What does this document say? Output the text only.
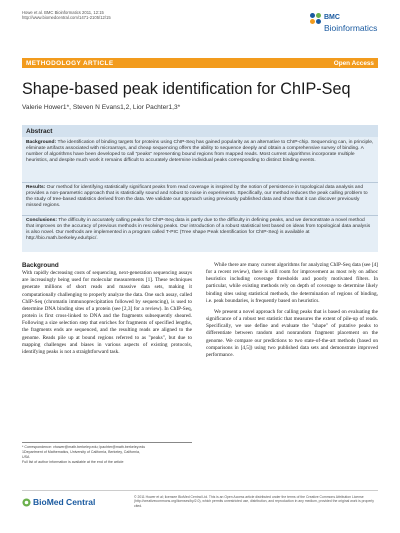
Howe et al. BMC Bioinformatics 2011, 12:15
http://www.biomedcentral.com/1471-2105/12/15	BMC
Bioinformatics
METHODOLOGY ARTICLE	Open Access
Shape-based peak identification for ChIP-Seq
Valerie Hower1*, Steven N Evans1,2, Lior Pachter1,3*
Abstract
Background: The identification of binding targets for proteins using ChIP-Seq has gained popularity as an alternative to ChIP-chip. Sequencing can, in principle, eliminate artifacts associated with microarrays, and cheap sequencing offers the ability to sequence deeply and obtain a comprehensive survey of binding. A number of algorithms have been developed to call "peaks" representing bound regions from mapped reads. Most current algorithms incorporate multiple heuristics, and despite much work it remains difficult to accurately determine individual peaks corresponding to distinct binding events.
Results: Our method for identifying statistically significant peaks from read coverage is inspired by the notion of persistence in topological data analysis and provides a non-parametric approach that is statistically sound and robust to noise in experiments. Specifically, our method reduces the peak calling problem to the study of tree-based statistics derived from the data. We validate our approach using previously published data and show that it can discover previously missed regions.
Conclusions: The difficulty in accurately calling peaks for ChIP-Seq data is partly due to the difficulty in defining peaks, and we demonstrate a novel method that improves on the accuracy of previous methods in resolving peaks. Our introduction of a robust statistical test based on ideas from topological data analysis is also novel. Our methods are implemented in a program called T-PIC (Tree shape Peak Identification for ChIP-Seq) is available at http://bio.math.berkeley.edu/tpic/.
Background

With rapidly decreasing costs of sequencing, next-generation sequencing assays are increasingly being used for molecular measurements [1]. These techniques generate millions of short reads and massive data sets, making it computationally challenging to properly analyze the data. One such assay, called ChIP-Seq (chromatin immunoprecipitation followed by sequencing), is used to determine DNA binding sites of a protein (see [2,3] for a review). In ChIP-Seq, protein is first cross-linked to DNA and the fragments subsequently sheared. Following a size selection step that enriches for fragments of specified lengths, the fragments ends are sequenced, and the resulting reads are aligned to the genome. Reads pile up at bound regions referred to as "peaks", but due to mapping challenges and biases in various aspects of existing protocols, identifying peaks is not a straightforward task.

While there are many current algorithms for analyzing ChIP-Seq data (see [4] for a recent review), there is still room for improvement as most rely on adhoc heuristics including coverage thresholds and poorly motivated filters. In particular, while existing methods rely on depth of coverage to determine likely binding sites using statistical methods, the determination of regions of binding, i.e. peak boundaries, is frequently based on heuristics.

We present a novel approach for calling peaks that is based on evaluating the significance of a robust test statistic that measures the extent of pile-up of reads. Specifically, we use define and evaluate the "shape" of putative peaks to differentiate between random and nonrandom fragment placement on the genome. We compare our predictions to two state-of-the-art methods (based on comparisons in [4,5]) using two published data sets and demonstrate improved performance.

* Correspondence: vhower@math.berkeley.edu; lpachter@math.berkeley.edu
1Department of Mathematics, University of California, Berkeley, California,
USA
Full list of author information is available at the end of the article
BioMed Central	© 2011 Hower et al; licensee BioMed Central Ltd. This is an Open Access article distributed under the terms of the Creative Commons Attribution License (http://creativecommons.org/licenses/by/2.0), which permits unrestricted use, distribution, and reproduction in any medium, provided the original work is properly cited.
